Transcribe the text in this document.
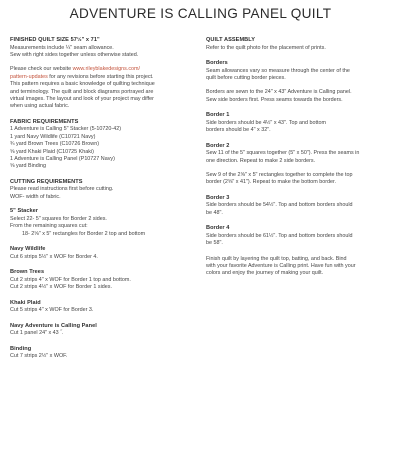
ADVENTURE IS CALLING PANEL QUILT
FINISHED QUILT SIZE 57½" x 71"
Measurements include ¼" seam allowance.
Sew with right sides together unless otherwise stated.
Please check our website www.rileyblakedesigns.com/
pattern-updates for any revisions before starting this project.
This pattern requires a basic knowledge of quilting technique
and terminology. The quilt and block diagrams portrayed are
virtual images. The layout and look of your project may differ
when using actual fabric.
FABRIC REQUIREMENTS
1 Adventure is Calling 5" Stacker (5-10720-42)
1 yard Navy Wildlife (C10721 Navy)
¾ yard Brown Trees (C10726 Brown)
⅝ yard Khaki Plaid (C10725 Khaki)
1 Adventure is Calling Panel (P10727 Navy)
⅝ yard Binding
CUTTING REQUIREMENTS
Please read instructions first before cutting.
WOF- width of fabric.
5" Stacker
Select 22- 5" squares for Border 2 sides.
From the remaining squares cut:
18- 2⅝" x 5" rectangles for Border 2 top and bottom
Navy Wildlife
Cut 6 strips 5½" x WOF for Border 4.
Brown Trees
Cut 2 strips 4" x WOF for Border 1 top and bottom.
Cut 2 strips 4½" x WOF for Border 1 sides.
Khaki Plaid
Cut 5 strips 4" x WOF for Border 3.
Navy Adventure is Calling Panel
Cut 1 panel 24" x 43 ˝.
Binding
Cut 7 strips 2½" x WOF.
QUILT ASSEMBLY
Refer to the quilt photo for the placement of prints.
Borders
Seam allowances vary so measure through the center of the
quilt before cutting border pieces.
Borders are sewn to the 24" x 43" Adventure is Calling panel.
Sew side borders first. Press seams towards the borders.
Border 1
Side borders should be 4½" x 43". Top and bottom
borders should be 4" x 32".
Border 2
Sew 11 of the 5" squares together (5" x 50"). Press the seams in
one direction. Repeat to make 2 side borders.
Sew 9 of the 2⅝" x 5" rectangles together to complete the top
border (2⅝" x 41"). Repeat to make the bottom border.
Border 3
Side borders should be 54½". Top and bottom borders should
be 48".
Border 4
Side borders should be 61½". Top and bottom borders should
be 58".
Finish quilt by layering the quilt top, batting, and back. Bind
with your favorite Adventure is Calling print. Have fun with your
colors and enjoy the journey of making your quilt.
